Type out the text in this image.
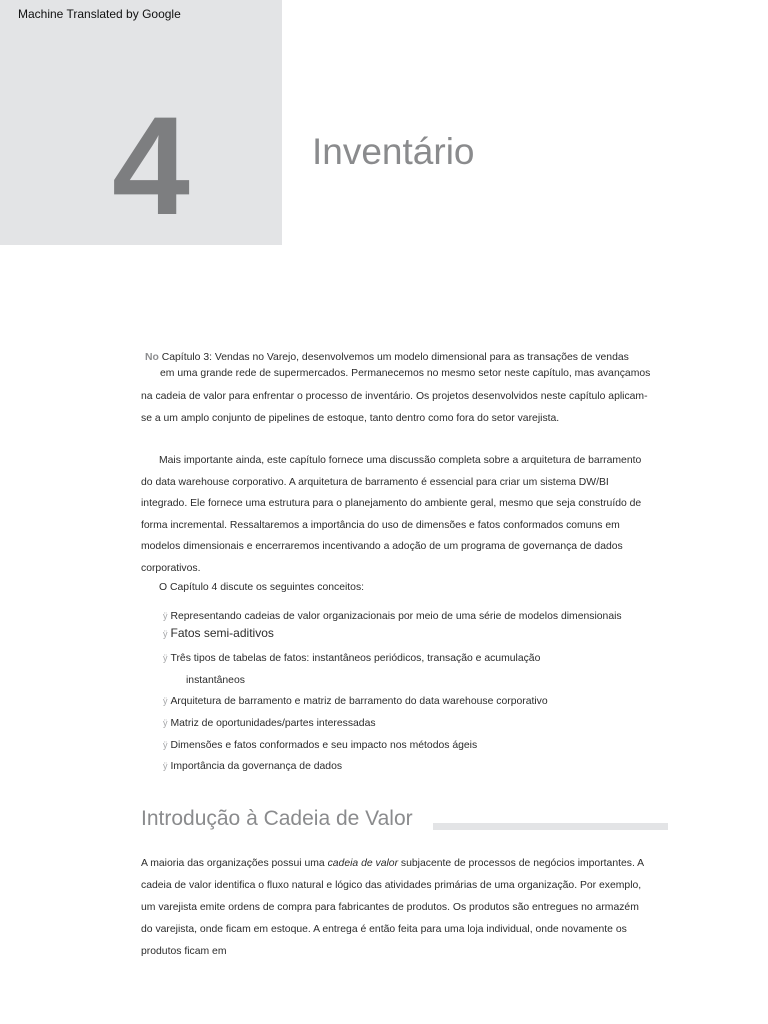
Machine Translated by Google
4	Inventário
No Capítulo 3: Vendas no Varejo, desenvolvemos um modelo dimensional para as transações de vendas
em uma grande rede de supermercados. Permanecemos no mesmo setor neste capítulo, mas avançamos
na cadeia de valor para enfrentar o processo de inventário. Os projetos desenvolvidos neste capítulo aplicam-
se a um amplo conjunto de pipelines de estoque, tanto dentro como fora do setor varejista.
Mais importante ainda, este capítulo fornece uma discussão completa sobre a arquitetura de barramento
do data warehouse corporativo. A arquitetura de barramento é essencial para criar um sistema DW/BI
integrado. Ele fornece uma estrutura para o planejamento do ambiente geral, mesmo que seja construído de
forma incremental. Ressaltaremos a importância do uso de dimensões e fatos conformados comuns em
modelos dimensionais e encerraremos incentivando a adoção de um programa de governança de dados
corporativos.
O Capítulo 4 discute os seguintes conceitos:
ÿ Representando cadeias de valor organizacionais por meio de uma série de modelos dimensionais
ÿ Fatos semi-aditivos
ÿ Três tipos de tabelas de fatos: instantâneos periódicos, transação e acumulação
ÿ Arquitetura de barramento e matriz de barramento do data warehouse corporativo
ÿ Matriz de oportunidades/partes interessadas
ÿ Dimensões e fatos conformados e seu impacto nos métodos ágeis
ÿ Importância da governança de dados
instantâneos
Introdução à Cadeia de Valor
A maioria das organizações possui uma cadeia de valor subjacente de processos de negócios importantes. A
cadeia de valor identifica o fluxo natural e lógico das atividades primárias de uma organização. Por exemplo,
um varejista emite ordens de compra para fabricantes de produtos. Os produtos são entregues no armazém
do varejista, onde ficam em estoque. A entrega é então feita para uma loja individual, onde novamente os
produtos ficam em
